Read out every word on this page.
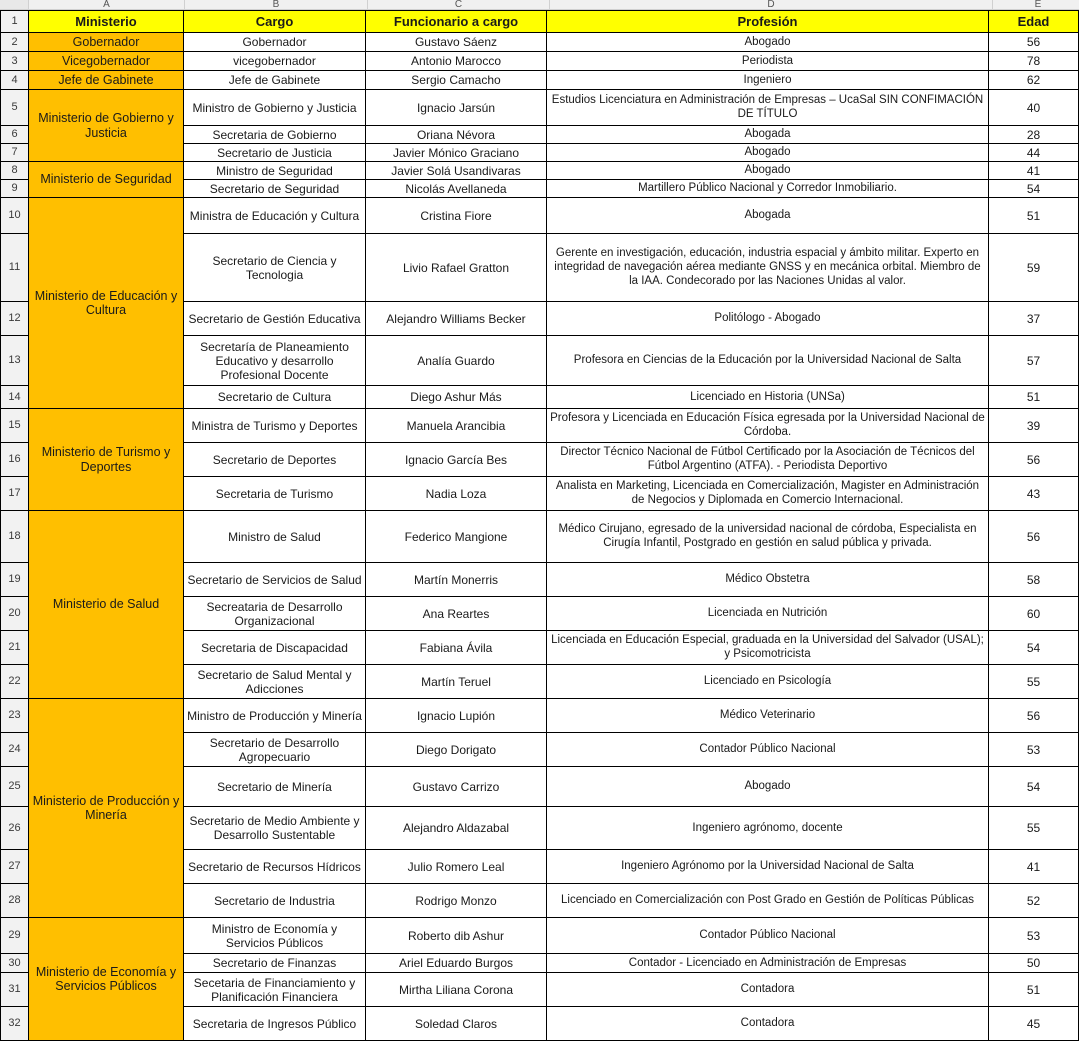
A	B	C	D	E
1	Ministerio	Cargo	Funcionario a cargo	Profesión	Edad
2	Gobernador	Gobernador	Gustavo Sáenz	Abogado	56
3	Vicegobernador	vicegobernador	Antonio Marocco	Periodista	78
4	Jefe de Gabinete	Jefe de Gabinete	Sergio Camacho	Ingeniero	62
5	Ministerio de Gobierno y Justicia	Ministro de Gobierno y Justicia	Ignacio Jarsún	Estudios Licenciatura en Administración de Empresas – UcaSal SIN CONFIMACIÓN DE TÍTULO	40
6		Secretaria de Gobierno	Oriana Névora	Abogada	28
7		Secretario de Justicia	Javier Mónico Graciano	Abogado	44
8	Ministerio de Seguridad	Ministro de Seguridad	Javier Solá Usandivaras	Abogado	41
9		Secretario de Seguridad	Nicolás Avellaneda	Martillero Público Nacional y Corredor Inmobiliario.	54
10	Ministerio de Educación y Cultura	Ministra de Educación y Cultura	Cristina Fiore	Abogada	51
11		Secretario de Ciencia y Tecnologia	Livio Rafael Gratton	Gerente en investigación, educación, industria espacial y ámbito militar. Experto en integridad de navegación aérea mediante GNSS y en mecánica orbital. Miembro de la IAA. Condecorado por las Naciones Unidas al valor.	59
12		Secretario de Gestión Educativa	Alejandro Williams Becker	Politólogo - Abogado	37
13		Secretaría de Planeamiento Educativo y desarrollo Profesional Docente	Analía Guardo	Profesora en Ciencias de la Educación por la Universidad Nacional de Salta	57
14		Secretario de Cultura	Diego Ashur Más	Licenciado en Historia (UNSa)	51
15	Ministerio de Turismo y Deportes	Ministra de Turismo y Deportes	Manuela Arancibia	Profesora y Licenciada en Educación Física egresada por la Universidad Nacional de Córdoba.	39
16		Secretario de Deportes	Ignacio García Bes	Director Técnico Nacional de Fútbol Certificado por la Asociación de Técnicos del Fútbol Argentino (ATFA). - Periodista Deportivo	56
17		Secretaria de Turismo	Nadia Loza	Analista en Marketing, Licenciada en Comercialización, Magister en Administración de Negocios y Diplomada en Comercio Internacional.	43
18	Ministerio de Salud	Ministro de Salud	Federico Mangione	Médico Cirujano, egresado de la universidad nacional de córdoba, Especialista en Cirugía Infantil, Postgrado en gestión en salud pública y privada.	56
19		Secretario de Servicios de Salud	Martín Monerris	Médico Obstetra	58
20		Secreataria de Desarrollo Organizacional	Ana Reartes	Licenciada en Nutrición	60
21		Secretaria de Discapacidad	Fabiana Ávila	Licenciada en Educación Especial, graduada en la Universidad del Salvador (USAL); y Psicomotricista	54
22		Secretario de Salud Mental y Adicciones	Martín Teruel	Licenciado en Psicología	55
23	Ministerio de Producción y Minería	Ministro de Producción y Minería	Ignacio Lupión	Médico Veterinario	56
24		Secretario de Desarrollo Agropecuario	Diego Dorigato	Contador Público Nacional	53
25		Secretario de Minería	Gustavo Carrizo	Abogado	54
26		Secretario de Medio Ambiente y Desarrollo Sustentable	Alejandro Aldazabal	Ingeniero agrónomo, docente	55
27		Secretario de Recursos Hídricos	Julio Romero Leal	Ingeniero Agrónomo por la Universidad Nacional de Salta	41
28		Secretario de Industria	Rodrigo Monzo	Licenciado en Comercialización con Post Grado en Gestión de Políticas Públicas	52
29	Ministerio de Economía y Servicios Públicos	Ministro de Economía y Servicios Públicos	Roberto dib Ashur	Contador Público Nacional	53
30		Secretario de Finanzas	Ariel Eduardo Burgos	Contador - Licenciado en Administración de Empresas	50
31		Secetaria de Financiamiento y Planificación Financiera	Mirtha Liliana Corona	Contadora	51
32		Secretaria de Ingresos Público	Soledad Claros	Contadora	45
